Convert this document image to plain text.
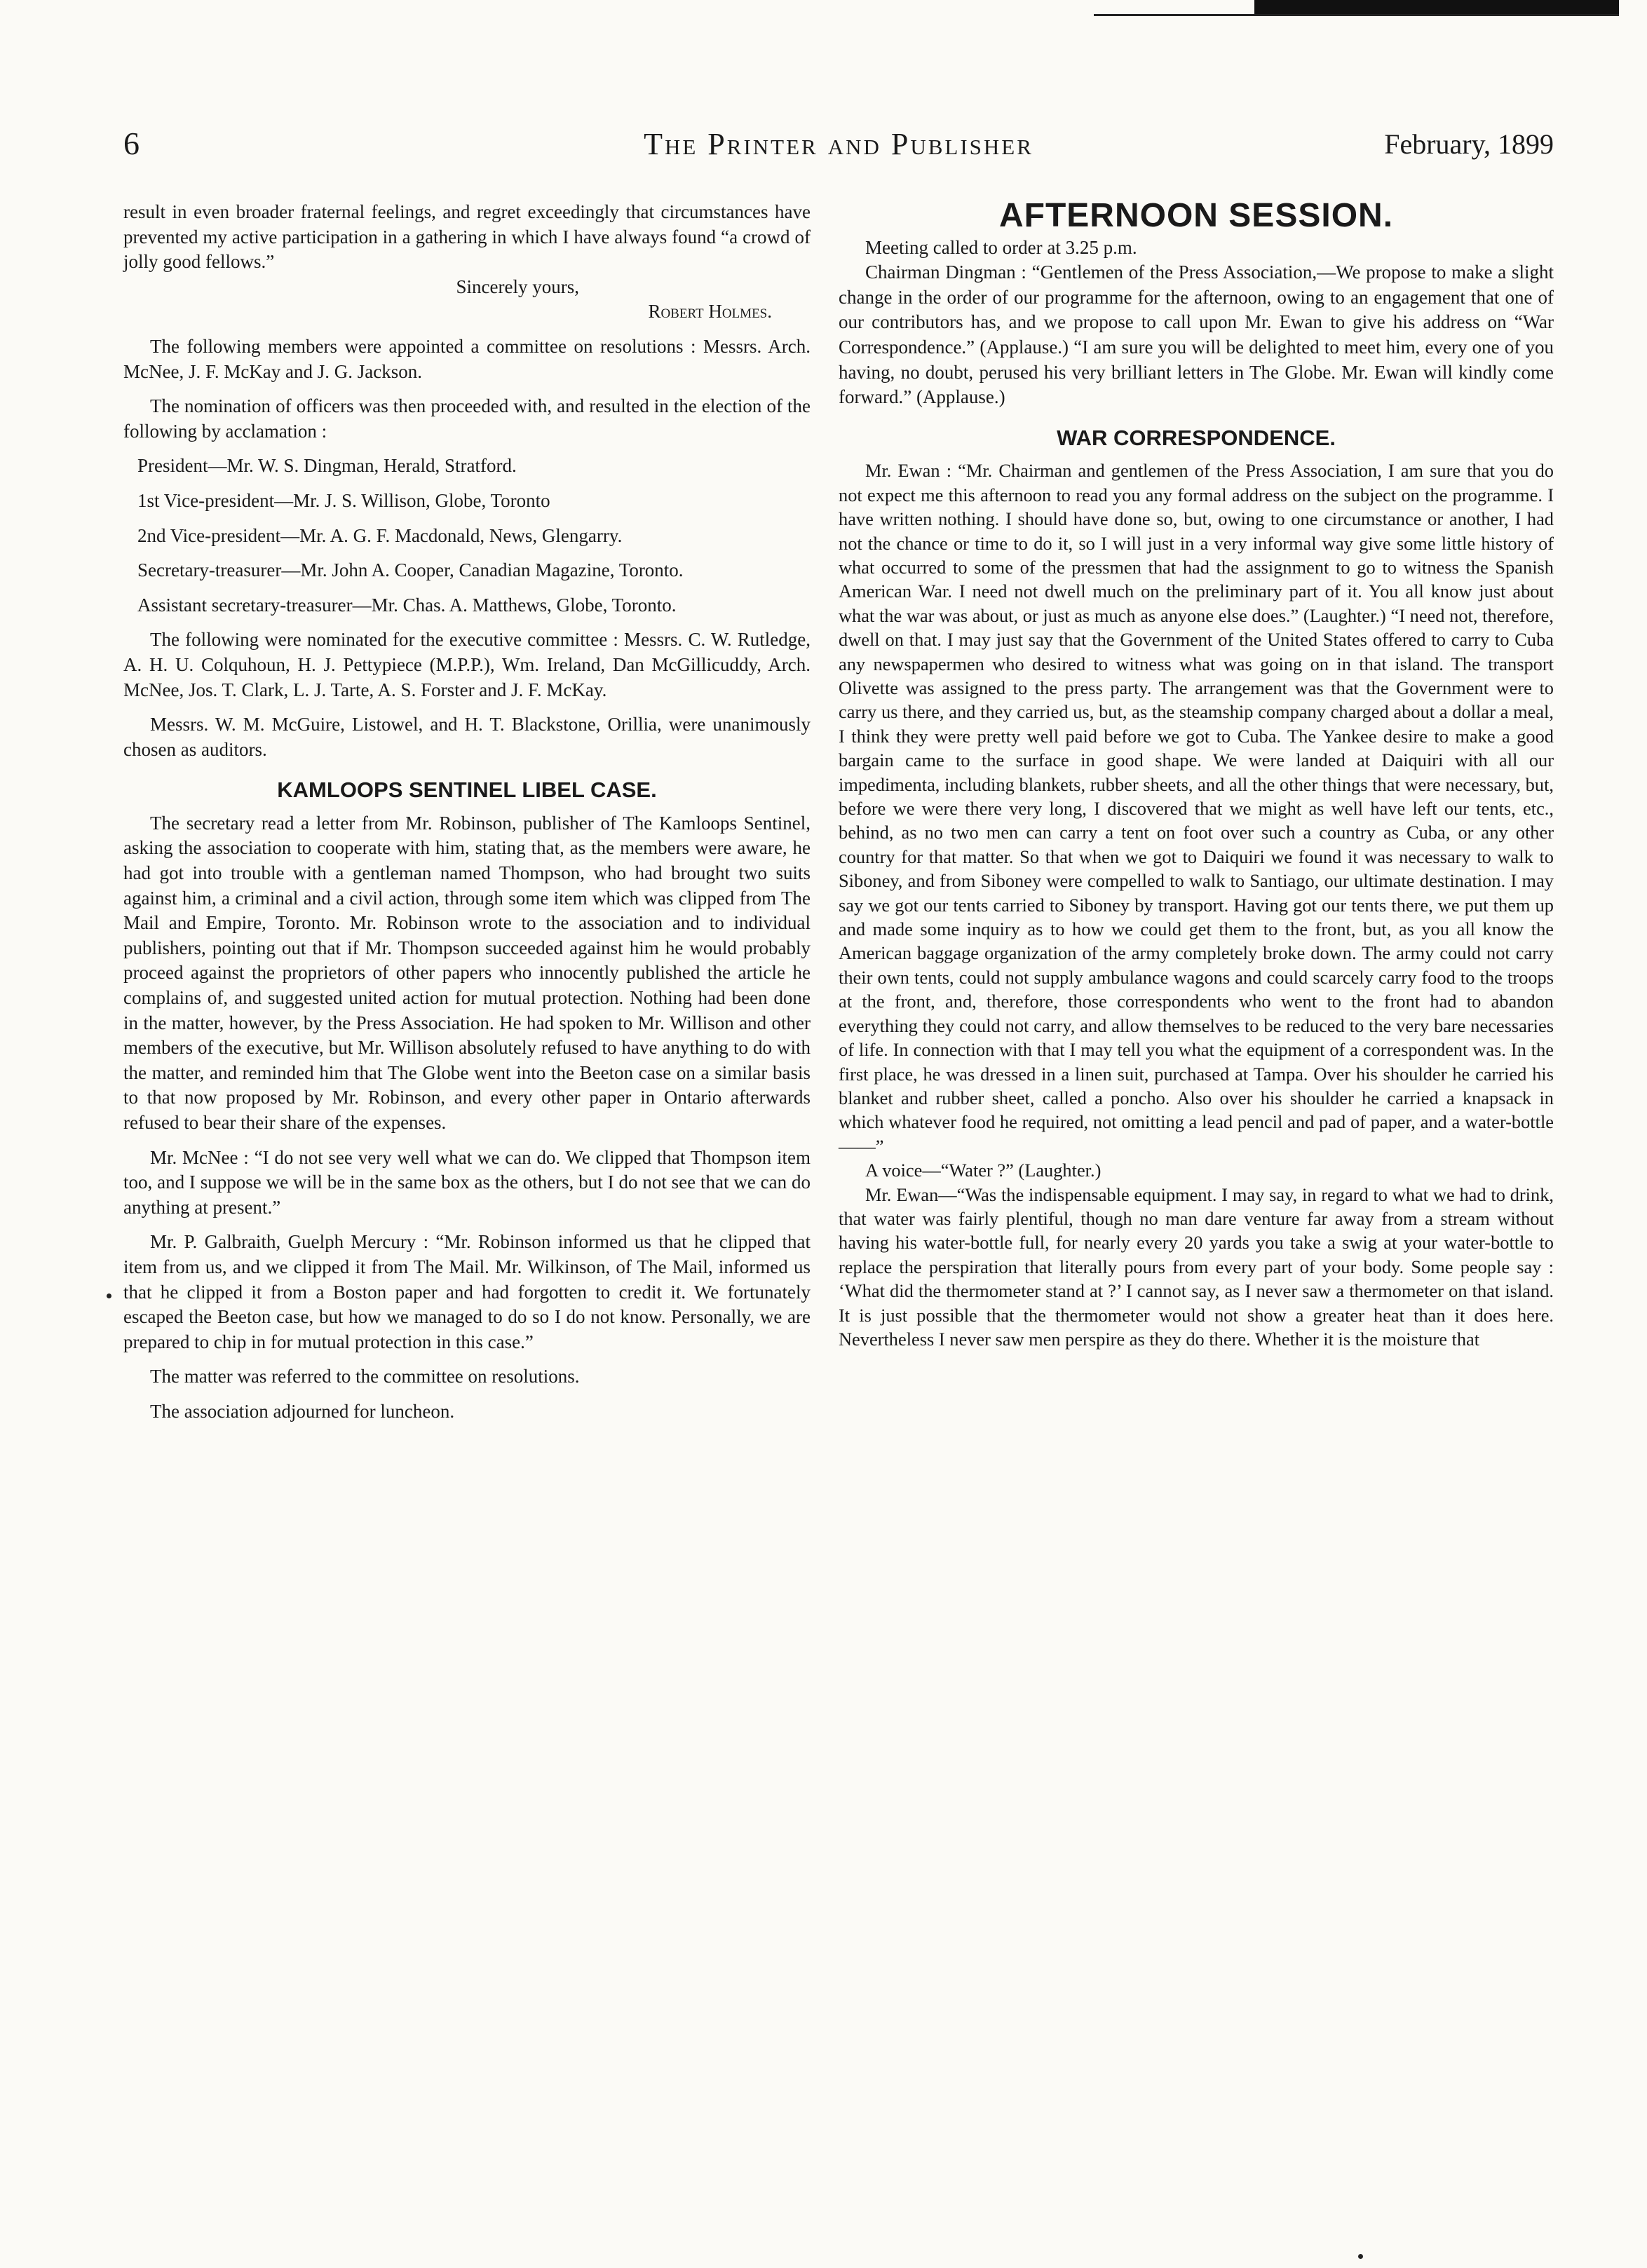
6	The Printer and Publisher	February, 1899

result in even broader fraternal feelings, and regret exceedingly that circumstances have prevented my active participation in a gathering in which I have always found “a crowd of jolly good fellows.”

Sincerely yours,

Robert Holmes.

The following members were appointed a committee on resolutions : Messrs. Arch. McNee, J. F. McKay and J. G. Jackson.

The nomination of officers was then proceeded with, and resulted in the election of the following by acclamation :

President—Mr. W. S. Dingman, Herald, Stratford.

1st Vice-president—Mr. J. S. Willison, Globe, Toronto

2nd Vice-president—Mr. A. G. F. Macdonald, News, Glengarry.

Secretary-treasurer—Mr. John A. Cooper, Canadian Magazine, Toronto.

Assistant secretary-treasurer—Mr. Chas. A. Matthews, Globe, Toronto.

The following were nominated for the executive committee : Messrs. C. W. Rutledge, A. H. U. Colquhoun, H. J. Pettypiece (M.P.P.), Wm. Ireland, Dan McGillicuddy, Arch. McNee, Jos. T. Clark, L. J. Tarte, A. S. Forster and J. F. McKay.

Messrs. W. M. McGuire, Listowel, and H. T. Blackstone, Orillia, were unanimously chosen as auditors.

KAMLOOPS SENTINEL LIBEL CASE.

The secretary read a letter from Mr. Robinson, publisher of The Kamloops Sentinel, asking the association to cooperate with him, stating that, as the members were aware, he had got into trouble with a gentleman named Thompson, who had brought two suits against him, a criminal and a civil action, through some item which was clipped from The Mail and Empire, Toronto. Mr. Robinson wrote to the association and to individual publishers, pointing out that if Mr. Thompson succeeded against him he would probably proceed against the proprietors of other papers who innocently published the article he complains of, and suggested united action for mutual protection. Nothing had been done in the matter, however, by the Press Association. He had spoken to Mr. Willison and other members of the executive, but Mr. Willison absolutely refused to have anything to do with the matter, and reminded him that The Globe went into the Beeton case on a similar basis to that now proposed by Mr. Robinson, and every other paper in Ontario afterwards refused to bear their share of the expenses.

Mr. McNee : “I do not see very well what we can do. We clipped that Thompson item too, and I suppose we will be in the same box as the others, but I do not see that we can do anything at present.”

Mr. P. Galbraith, Guelph Mercury : “Mr. Robinson informed us that he clipped that item from us, and we clipped it from The Mail. Mr. Wilkinson, of The Mail, informed us that he clipped it from a Boston paper and had forgotten to credit it. We fortunately escaped the Beeton case, but how we managed to do so I do not know. Personally, we are prepared to chip in for mutual protection in this case.”

The matter was referred to the committee on resolutions.

The association adjourned for luncheon.

AFTERNOON SESSION.

Meeting called to order at 3.25 p.m.

Chairman Dingman : “Gentlemen of the Press Association,—We propose to make a slight change in the order of our programme for the afternoon, owing to an engagement that one of our contributors has, and we propose to call upon Mr. Ewan to give his address on “War Correspondence.” (Applause.) “I am sure you will be delighted to meet him, every one of you having, no doubt, perused his very brilliant letters in The Globe. Mr. Ewan will kindly come forward.” (Applause.)

WAR CORRESPONDENCE.

Mr. Ewan : “Mr. Chairman and gentlemen of the Press Association, I am sure that you do not expect me this afternoon to read you any formal address on the subject on the programme. I have written nothing. I should have done so, but, owing to one circumstance or another, I had not the chance or time to do it, so I will just in a very informal way give some little history of what occurred to some of the pressmen that had the assignment to go to witness the Spanish American War. I need not dwell much on the preliminary part of it. You all know just about what the war was about, or just as much as anyone else does.” (Laughter.) “I need not, therefore, dwell on that. I may just say that the Government of the United States offered to carry to Cuba any newspapermen who desired to witness what was going on in that island. The transport Olivette was assigned to the press party. The arrangement was that the Government were to carry us there, and they carried us, but, as the steamship company charged about a dollar a meal, I think they were pretty well paid before we got to Cuba. The Yankee desire to make a good bargain came to the surface in good shape. We were landed at Daiquiri with all our impedimenta, including blankets, rubber sheets, and all the other things that were necessary, but, before we were there very long, I discovered that we might as well have left our tents, etc., behind, as no two men can carry a tent on foot over such a country as Cuba, or any other country for that matter. So that when we got to Daiquiri we found it was necessary to walk to Siboney, and from Siboney were compelled to walk to Santiago, our ultimate destination. I may say we got our tents carried to Siboney by transport. Having got our tents there, we put them up and made some inquiry as to how we could get them to the front, but, as you all know the American baggage organization of the army completely broke down. The army could not carry their own tents, could not supply ambulance wagons and could scarcely carry food to the troops at the front, and, therefore, those correspondents who went to the front had to abandon everything they could not carry, and allow themselves to be reduced to the very bare necessaries of life. In connection with that I may tell you what the equipment of a correspondent was. In the first place, he was dressed in a linen suit, purchased at Tampa. Over his shoulder he carried his blanket and rubber sheet, called a poncho. Also over his shoulder he carried a knapsack in which whatever food he required, not omitting a lead pencil and pad of paper, and a water-bottle——”

A voice—“Water ?” (Laughter.)

Mr. Ewan—“Was the indispensable equipment. I may say, in regard to what we had to drink, that water was fairly plentiful, though no man dare venture far away from a stream without having his water-bottle full, for nearly every 20 yards you take a swig at your water-bottle to replace the perspiration that literally pours from every part of your body. Some people say : ‘What did the thermometer stand at ?’ I cannot say, as I never saw a thermometer on that island. It is just possible that the thermometer would not show a greater heat than it does here. Nevertheless I never saw men perspire as they do there. Whether it is the moisture that
